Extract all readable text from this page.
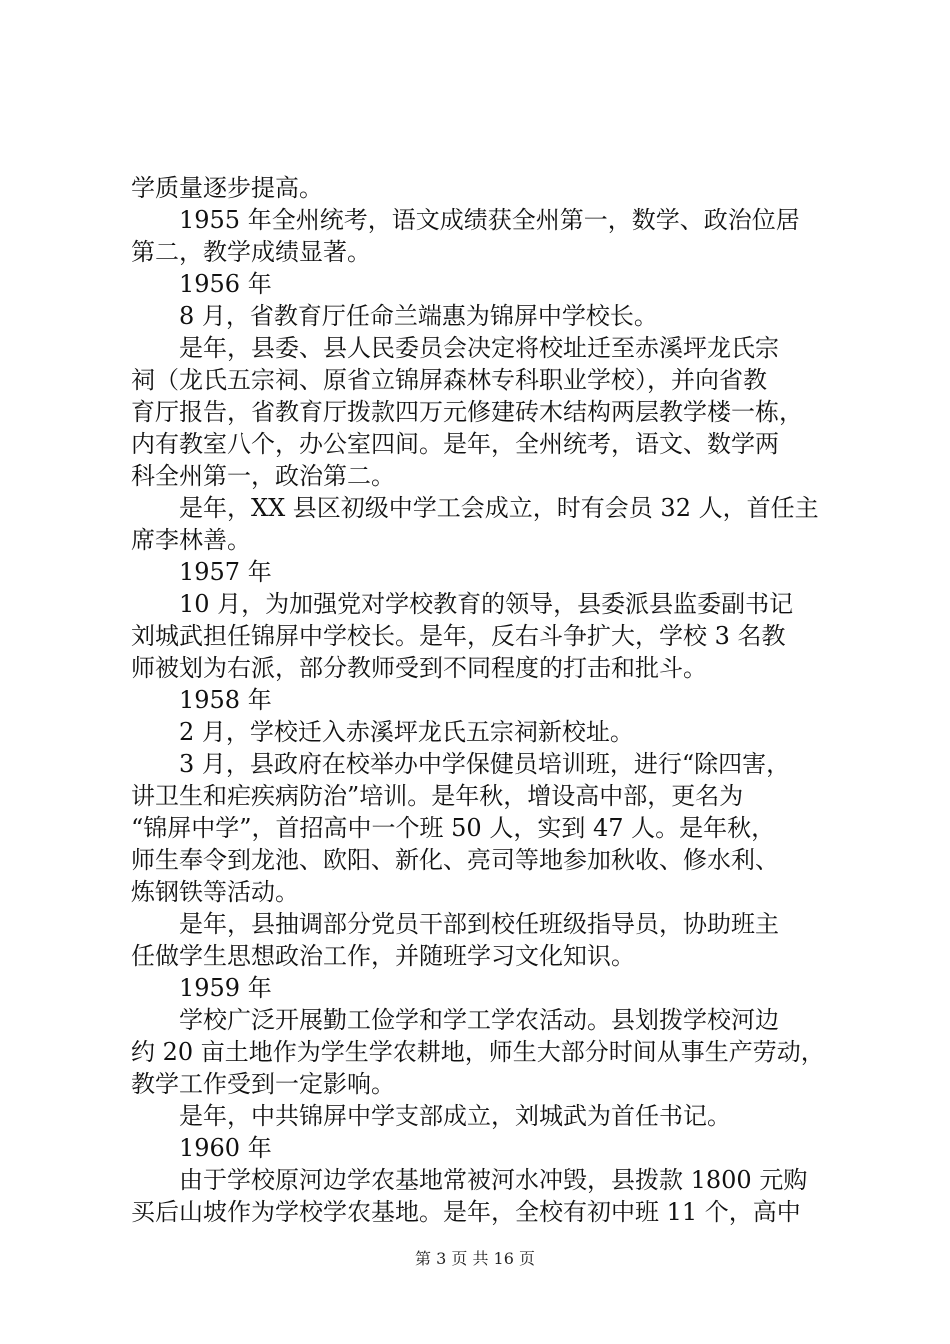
学质量逐步提高。
1955 年全州统考，语文成绩获全州第一，数学、政治位居
第二，教学成绩显著。
1956 年
8 月，省教育厅任命兰端惠为锦屏中学校长。
是年，县委、县人民委员会决定将校址迁至赤溪坪龙氏宗
祠（龙氏五宗祠、原省立锦屏森林专科职业学校），并向省教
育厅报告，省教育厅拨款四万元修建砖木结构两层教学楼一栋，
内有教室八个，办公室四间。是年，全州统考，语文、数学两
科全州第一，政治第二。
是年，XX 县区初级中学工会成立，时有会员 32 人，首任主
席李林善。
1957 年
10 月，为加强党对学校教育的领导，县委派县监委副书记
刘城武担任锦屏中学校长。是年，反右斗争扩大，学校 3 名教
师被划为右派，部分教师受到不同程度的打击和批斗。
1958 年
2 月，学校迁入赤溪坪龙氏五宗祠新校址。
3 月，县政府在校举办中学保健员培训班，进行“除四害，
讲卫生和疟疾病防治”培训。是年秋，增设高中部，更名为
“锦屏中学”，首招高中一个班 50 人，实到 47 人。是年秋，
师生奉令到龙池、欧阳、新化、亮司等地参加秋收、修水利、
炼钢铁等活动。
是年，县抽调部分党员干部到校任班级指导员，协助班主
任做学生思想政治工作，并随班学习文化知识。
1959 年
学校广泛开展勤工俭学和学工学农活动。县划拨学校河边
约 20 亩土地作为学生学农耕地，师生大部分时间从事生产劳动，
教学工作受到一定影响。
是年，中共锦屏中学支部成立，刘城武为首任书记。
1960 年
由于学校原河边学农基地常被河水冲毁，县拨款 1800 元购
买后山坡作为学校学农基地。是年，全校有初中班 11 个，高中
第 3 页 共 16 页
